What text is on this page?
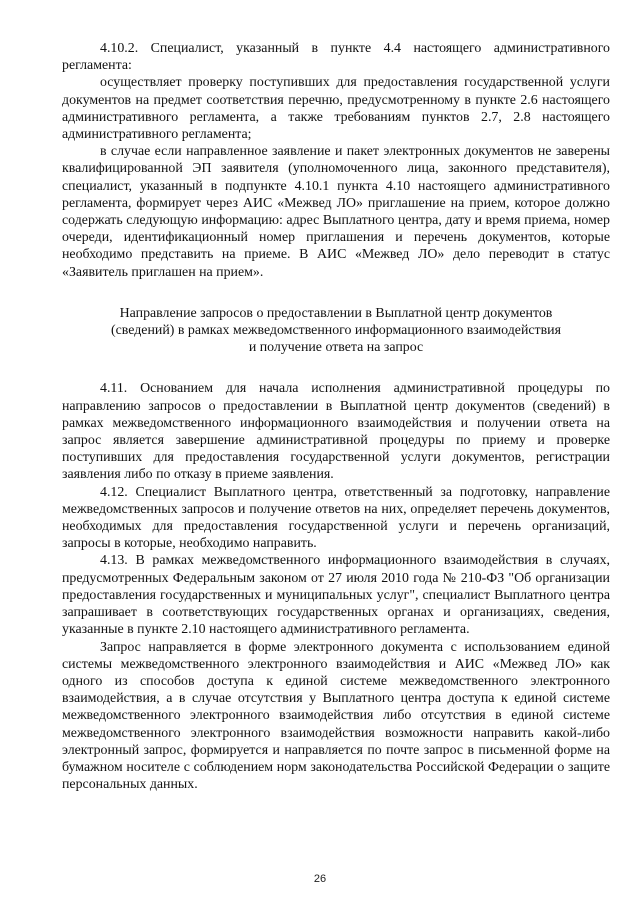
4.10.2. Специалист, указанный в пункте 4.4 настоящего административного регламента:

осуществляет проверку поступивших для предоставления государственной услуги документов на предмет соответствия перечню, предусмотренному в пункте 2.6 настоящего административного регламента, а также требованиям пунктов 2.7, 2.8 настоящего административного регламента;

в случае если направленное заявление и пакет электронных документов не заверены квалифицированной ЭП заявителя (уполномоченного лица, законного представителя), специалист, указанный в подпункте 4.10.1 пункта 4.10 настоящего административного регламента, формирует через АИС «Межвед ЛО» приглашение на прием, которое должно содержать следующую информацию: адрес Выплатного центра, дату и время приема, номер очереди, идентификационный номер приглашения и перечень документов, которые необходимо представить на приеме. В АИС «Межвед ЛО» дело переводит в статус «Заявитель приглашен на прием».

Направление запросов о предоставлении в Выплатной центр документов
(сведений) в рамках межведомственного информационного взаимодействия
и получение ответа на запрос

4.11. Основанием для начала исполнения административной процедуры по направлению запросов о предоставлении в Выплатной центр документов (сведений) в рамках межведомственного информационного взаимодействия и получении ответа на запрос является завершение административной процедуры по приему и проверке поступивших для предоставления государственной услуги документов, регистрации заявления либо по отказу в приеме заявления.

4.12. Специалист Выплатного центра, ответственный за подготовку, направление межведомственных запросов и получение ответов на них, определяет перечень документов, необходимых для предоставления государственной услуги и перечень организаций, запросы в которые, необходимо направить.

4.13. В рамках межведомственного информационного взаимодействия в случаях, предусмотренных Федеральным законом от 27 июля 2010 года № 210-ФЗ "Об организации предоставления государственных и муниципальных услуг", специалист Выплатного центра запрашивает в соответствующих государственных органах и организациях, сведения, указанные в пункте 2.10 настоящего административного регламента.

Запрос направляется в форме электронного документа с использованием единой системы межведомственного электронного взаимодействия и АИС «Межвед ЛО» как одного из способов доступа к единой системе межведомственного электронного взаимодействия, а в случае отсутствия у Выплатного центра доступа к единой системе межведомственного электронного взаимодействия либо отсутствия в единой системе межведомственного электронного взаимодействия возможности направить какой-либо электронный запрос, формируется и направляется по почте запрос в письменной форме на бумажном носителе с соблюдением норм законодательства Российской Федерации о защите персональных данных.

26
